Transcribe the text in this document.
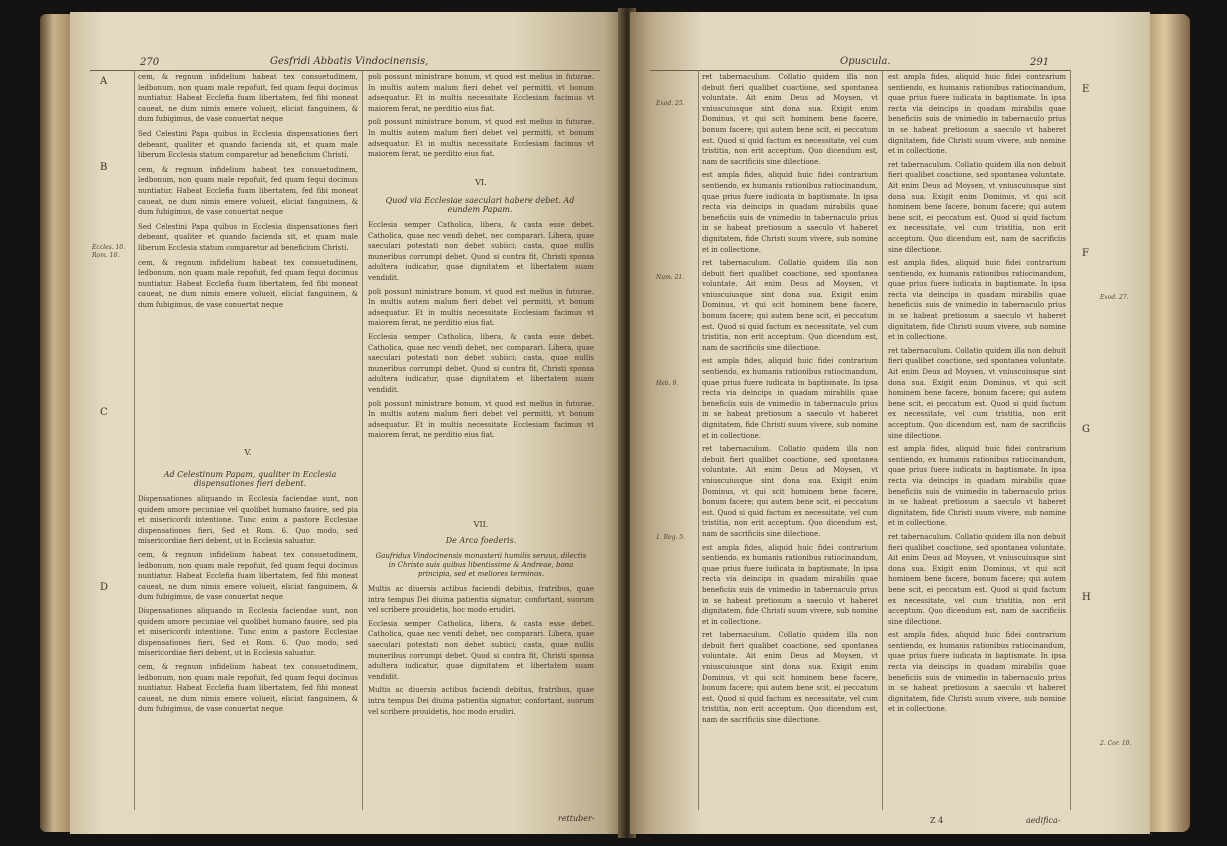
270	Gesfridi Abbatis Vindocinensis,
A
B
C
D
Eccles. 10. Rom. 10.

cem, & regnum infidelium habeat tex consuetudinem, ledbonum, non quam male repofuit, fed quam fequi docimus nuntiatur. Habeat Ecclefia fuam libertatem, fed fibi moneat caueat, ne dum nimis emere volueit, eliciat fanguinem, & dum fubigimus, de vase conuertat neque

Sed Celestini Papa quibus in Ecclesia dispensationes fieri debeant, qualiter et quando facienda sit, et quam male liberum Ecclesia statum comparetur ad beneficium Christi.

cem, & regnum infidelium habeat tex consuetudinem, ledbonum, non quam male repofuit, fed quam fequi docimus nuntiatur. Habeat Ecclefia fuam libertatem, fed fibi moneat caueat, ne dum nimis emere volueit, eliciat fanguinem, & dum fubigimus, de vase conuertat neque

Sed Celestini Papa quibus in Ecclesia dispensationes fieri debeant, qualiter et quando facienda sit, et quam male liberum Ecclesia statum comparetur ad beneficium Christi.

cem, & regnum infidelium habeat tex consuetudinem, ledbonum, non quam male repofuit, fed quam fequi docimus nuntiatur. Habeat Ecclefia fuam libertatem, fed fibi moneat caueat, ne dum nimis emere volueit, eliciat fanguinem, & dum fubigimus, de vase conuertat neque

V.
Ad Celestinum Papam, qualiter in Ecclesia dispensationes fieri debent.

Dispensationes aliquando in Ecclesia faciendae sunt, non quidem amore pecuniae vel quolibet humano fauore, sed pia et misericordi intentione. Tunc enim a pastore Ecclesiae dispensationes fieri, Sed et Rom. 6. Quo modo, sed misericordiae fieri debent, ut in Ecclesia saluatur.

cem, & regnum infidelium habeat tex consuetudinem, ledbonum, non quam male repofuit, fed quam fequi docimus nuntiatur. Habeat Ecclefia fuam libertatem, fed fibi moneat caueat, ne dum nimis emere volueit, eliciat fanguinem, & dum fubigimus, de vase conuertat neque

Dispensationes aliquando in Ecclesia faciendae sunt, non quidem amore pecuniae vel quolibet humano fauore, sed pia et misericordi intentione. Tunc enim a pastore Ecclesiae dispensationes fieri, Sed et Rom. 6. Quo modo, sed misericordiae fieri debent, ut in Ecclesia saluatur.

cem, & regnum infidelium habeat tex consuetudinem, ledbonum, non quam male repofuit, fed quam fequi docimus nuntiatur. Habeat Ecclefia fuam libertatem, fed fibi moneat caueat, ne dum nimis emere volueit, eliciat fanguinem, & dum fubigimus, de vase conuertat neque

poli possunt ministrare bonum, vt quod est melius in futurae. In multis autem malum fieri debet vel permitti, vt bonum adsequatur. Et in multis necessitate Ecclesiam facimus vt maiorem ferat, ne perditio eius fiat.

poli possunt ministrare bonum, vt quod est melius in futurae. In multis autem malum fieri debet vel permitti, vt bonum adsequatur. Et in multis necessitate Ecclesiam facimus vt maiorem ferat, ne perditio eius fiat.

VI.
Quod via Ecclesiae saeculari habere debet. Ad eundem Papam.

Ecclesia semper Catholica, libera, & casta esse debet. Catholica, quae nec vendi debet, nec comparari. Libera, quae saeculari potestati non debet subiici; casta, quae nullis muneribus corrumpi debet. Quod si contra fit, Christi sponsa adultera iudicatur, quae dignitatem et libertatem suam vendidit.

poli possunt ministrare bonum, vt quod est melius in futurae. In multis autem malum fieri debet vel permitti, vt bonum adsequatur. Et in multis necessitate Ecclesiam facimus vt maiorem ferat, ne perditio eius fiat.

Ecclesia semper Catholica, libera, & casta esse debet. Catholica, quae nec vendi debet, nec comparari. Libera, quae saeculari potestati non debet subiici; casta, quae nullis muneribus corrumpi debet. Quod si contra fit, Christi sponsa adultera iudicatur, quae dignitatem et libertatem suam vendidit.

poli possunt ministrare bonum, vt quod est melius in futurae. In multis autem malum fieri debet vel permitti, vt bonum adsequatur. Et in multis necessitate Ecclesiam facimus vt maiorem ferat, ne perditio eius fiat.

VII.
De Arca foederis.
Gaufridus Vindocinensis monasterii humilis seruus, dilectis in Christo suis quibus libentissime & Andreae, bona principia, sed et meliores terminos.

Multis ac diuersis actibus faciendi debitus, fratribus, quae intra tempus Dei diuina patientia signatur, confortant, suorum vel scribere prouidetis, hoc modo erudiri.

Ecclesia semper Catholica, libera, & casta esse debet. Catholica, quae nec vendi debet, nec comparari. Libera, quae saeculari potestati non debet subiici; casta, quae nullis muneribus corrumpi debet. Quod si contra fit, Christi sponsa adultera iudicatur, quae dignitatem et libertatem suam vendidit.

Multis ac diuersis actibus faciendi debitus, fratribus, quae intra tempus Dei diuina patientia signatur, confortant, suorum vel scribere prouidetis, hoc modo erudiri.

rettuber-
Opuscula.	291
E
F
G
H
Exod. 25.
Num. 21.
Heb. 9.
1. Reg. 5.
Exod. 27.
2. Cor. 10.

ret tabernaculum. Collatio quidem illa non debuit fieri qualibet coactione, sed spontanea voluntate. Ait enim Deus ad Moysen, vt vniuscuiusque sint dona sua. Exigit enim Dominus, vt qui scit hominem bene facere, bonum facere; qui autem bene scit, ei peccatum est. Quod si quid factum ex necessitate, vel cum tristitia, non erit acceptum. Quo dicendum est, nam de sacrificiis sine dilectione.

est ampla fides, aliquid huic fidei contrarium sentiendo, ex humanis rationibus ratiocinandum, quae prius fuere iudicata in baptismate. In ipsa recta via deincips in quadam mirabilis quae beneficiis suis de vnimedio in tabernaculo prius in se habeat pretiosum a saeculo vt haberet dignitatem, fide Christi suum vivere, sub nomine et in collectione.

ret tabernaculum. Collatio quidem illa non debuit fieri qualibet coactione, sed spontanea voluntate. Ait enim Deus ad Moysen, vt vniuscuiusque sint dona sua. Exigit enim Dominus, vt qui scit hominem bene facere, bonum facere; qui autem bene scit, ei peccatum est. Quod si quid factum ex necessitate, vel cum tristitia, non erit acceptum. Quo dicendum est, nam de sacrificiis sine dilectione.

est ampla fides, aliquid huic fidei contrarium sentiendo, ex humanis rationibus ratiocinandum, quae prius fuere iudicata in baptismate. In ipsa recta via deincips in quadam mirabilis quae beneficiis suis de vnimedio in tabernaculo prius in se habeat pretiosum a saeculo vt haberet dignitatem, fide Christi suum vivere, sub nomine et in collectione.

ret tabernaculum. Collatio quidem illa non debuit fieri qualibet coactione, sed spontanea voluntate. Ait enim Deus ad Moysen, vt vniuscuiusque sint dona sua. Exigit enim Dominus, vt qui scit hominem bene facere, bonum facere; qui autem bene scit, ei peccatum est. Quod si quid factum ex necessitate, vel cum tristitia, non erit acceptum. Quo dicendum est, nam de sacrificiis sine dilectione.

est ampla fides, aliquid huic fidei contrarium sentiendo, ex humanis rationibus ratiocinandum, quae prius fuere iudicata in baptismate. In ipsa recta via deincips in quadam mirabilis quae beneficiis suis de vnimedio in tabernaculo prius in se habeat pretiosum a saeculo vt haberet dignitatem, fide Christi suum vivere, sub nomine et in collectione.

ret tabernaculum. Collatio quidem illa non debuit fieri qualibet coactione, sed spontanea voluntate. Ait enim Deus ad Moysen, vt vniuscuiusque sint dona sua. Exigit enim Dominus, vt qui scit hominem bene facere, bonum facere; qui autem bene scit, ei peccatum est. Quod si quid factum ex necessitate, vel cum tristitia, non erit acceptum. Quo dicendum est, nam de sacrificiis sine dilectione.

est ampla fides, aliquid huic fidei contrarium sentiendo, ex humanis rationibus ratiocinandum, quae prius fuere iudicata in baptismate. In ipsa recta via deincips in quadam mirabilis quae beneficiis suis de vnimedio in tabernaculo prius in se habeat pretiosum a saeculo vt haberet dignitatem, fide Christi suum vivere, sub nomine et in collectione.

ret tabernaculum. Collatio quidem illa non debuit fieri qualibet coactione, sed spontanea voluntate. Ait enim Deus ad Moysen, vt vniuscuiusque sint dona sua. Exigit enim Dominus, vt qui scit hominem bene facere, bonum facere; qui autem bene scit, ei peccatum est. Quod si quid factum ex necessitate, vel cum tristitia, non erit acceptum. Quo dicendum est, nam de sacrificiis sine dilectione.

est ampla fides, aliquid huic fidei contrarium sentiendo, ex humanis rationibus ratiocinandum, quae prius fuere iudicata in baptismate. In ipsa recta via deincips in quadam mirabilis quae beneficiis suis de vnimedio in tabernaculo prius in se habeat pretiosum a saeculo vt haberet dignitatem, fide Christi suum vivere, sub nomine et in collectione.

ret tabernaculum. Collatio quidem illa non debuit fieri qualibet coactione, sed spontanea voluntate. Ait enim Deus ad Moysen, vt vniuscuiusque sint dona sua. Exigit enim Dominus, vt qui scit hominem bene facere, bonum facere; qui autem bene scit, ei peccatum est. Quod si quid factum ex necessitate, vel cum tristitia, non erit acceptum. Quo dicendum est, nam de sacrificiis sine dilectione.

est ampla fides, aliquid huic fidei contrarium sentiendo, ex humanis rationibus ratiocinandum, quae prius fuere iudicata in baptismate. In ipsa recta via deincips in quadam mirabilis quae beneficiis suis de vnimedio in tabernaculo prius in se habeat pretiosum a saeculo vt haberet dignitatem, fide Christi suum vivere, sub nomine et in collectione.

ret tabernaculum. Collatio quidem illa non debuit fieri qualibet coactione, sed spontanea voluntate. Ait enim Deus ad Moysen, vt vniuscuiusque sint dona sua. Exigit enim Dominus, vt qui scit hominem bene facere, bonum facere; qui autem bene scit, ei peccatum est. Quod si quid factum ex necessitate, vel cum tristitia, non erit acceptum. Quo dicendum est, nam de sacrificiis sine dilectione.

est ampla fides, aliquid huic fidei contrarium sentiendo, ex humanis rationibus ratiocinandum, quae prius fuere iudicata in baptismate. In ipsa recta via deincips in quadam mirabilis quae beneficiis suis de vnimedio in tabernaculo prius in se habeat pretiosum a saeculo vt haberet dignitatem, fide Christi suum vivere, sub nomine et in collectione.

Z 4	aedifica-
